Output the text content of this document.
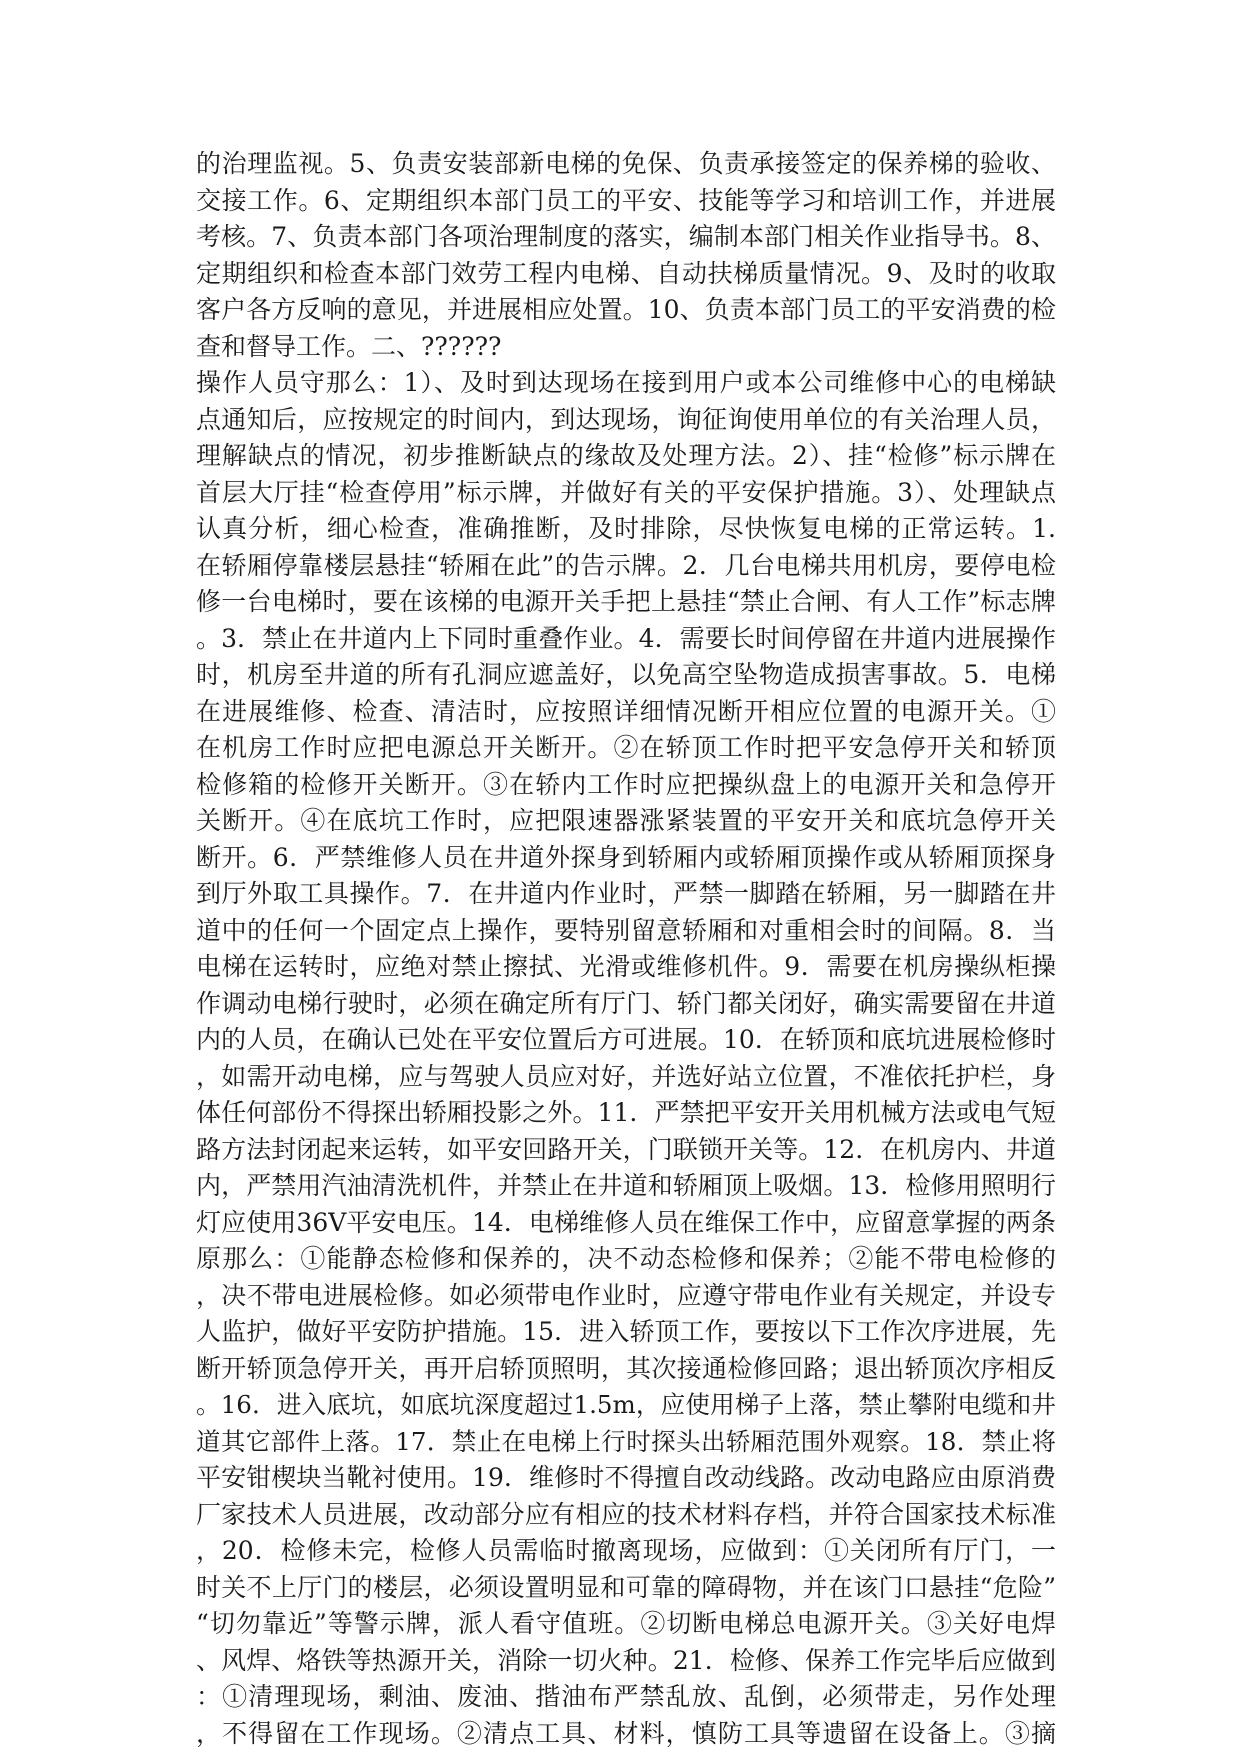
的治理监视。5、负责安装部新电梯的免保、负责承接签定的保养梯的验收、
交接工作。6、定期组织本部门员工的平安、技能等学习和培训工作，并进展
考核。7、负责本部门各项治理制度的落实，编制本部门相关作业指导书。8、
定期组织和检查本部门效劳工程内电梯、自动扶梯质量情况。9、及时的收取
客户各方反响的意见，并进展相应处置。10、负责本部门员工的平安消费的检
查和督导工作。二、??????
操作人员守那么：1）、及时到达现场在接到用户或本公司维修中心的电梯缺
点通知后，应按规定的时间内，到达现场，询征询使用单位的有关治理人员，
理解缺点的情况，初步推断缺点的缘故及处理方法。2）、挂“检修”标示牌在
首层大厅挂“检查停用”标示牌，并做好有关的平安保护措施。3）、处理缺点
认真分析，细心检查，准确推断，及时排除，尽快恢复电梯的正常运转。1.
在轿厢停靠楼层悬挂“轿厢在此”的告示牌。2．几台电梯共用机房，要停电检
修一台电梯时，要在该梯的电源开关手把上悬挂“禁止合闸、有人工作”标志牌
。3．禁止在井道内上下同时重叠作业。4．需要长时间停留在井道内进展操作
时，机房至井道的所有孔洞应遮盖好，以免高空坠物造成损害事故。5．电梯
在进展维修、检查、清洁时，应按照详细情况断开相应位置的电源开关。①
在机房工作时应把电源总开关断开。②在轿顶工作时把平安急停开关和轿顶
检修箱的检修开关断开。③在轿内工作时应把操纵盘上的电源开关和急停开
关断开。④在底坑工作时，应把限速器涨紧装置的平安开关和底坑急停开关
断开。6．严禁维修人员在井道外探身到轿厢内或轿厢顶操作或从轿厢顶探身
到厅外取工具操作。7．在井道内作业时，严禁一脚踏在轿厢，另一脚踏在井
道中的任何一个固定点上操作，要特别留意轿厢和对重相会时的间隔。8．当
电梯在运转时，应绝对禁止擦拭、光滑或维修机件。9．需要在机房操纵柜操
作调动电梯行驶时，必须在确定所有厅门、轿门都关闭好，确实需要留在井道
内的人员，在确认已处在平安位置后方可进展。10．在轿顶和底坑进展检修时
，如需开动电梯，应与驾驶人员应对好，并选好站立位置，不准依托护栏，身
体任何部份不得探出轿厢投影之外。11．严禁把平安开关用机械方法或电气短
路方法封闭起来运转，如平安回路开关，门联锁开关等。12．在机房内、井道
内，严禁用汽油清洗机件，并禁止在井道和轿厢顶上吸烟。13．检修用照明行
灯应使用36V平安电压。14．电梯维修人员在维保工作中，应留意掌握的两条
原那么：①能静态检修和保养的，决不动态检修和保养；②能不带电检修的
，决不带电进展检修。如必须带电作业时，应遵守带电作业有关规定，并设专
人监护，做好平安防护措施。15．进入轿顶工作，要按以下工作次序进展，先
断开轿顶急停开关，再开启轿顶照明，其次接通检修回路；退出轿顶次序相反
。16．进入底坑，如底坑深度超过1.5m，应使用梯子上落，禁止攀附电缆和井
道其它部件上落。17．禁止在电梯上行时探头出轿厢范围外观察。18．禁止将
平安钳楔块当靴衬使用。19．维修时不得擅自改动线路。改动电路应由原消费
厂家技术人员进展，改动部分应有相应的技术材料存档，并符合国家技术标准
，20．检修未完，检修人员需临时撤离现场，应做到：①关闭所有厅门，一
时关不上厅门的楼层，必须设置明显和可靠的障碍物，并在该门口悬挂“危险”
“切勿靠近”等警示牌，派人看守值班。②切断电梯总电源开关。③关好电焊
、风焊、烙铁等热源开关，消除一切火种。21．检修、保养工作完毕后应做到
：①清理现场，剩油、废油、揩油布严禁乱放、乱倒，必须带走，另作处理
，不得留在工作现场。②清点工具、材料，慎防工具等遗留在设备上。③摘
